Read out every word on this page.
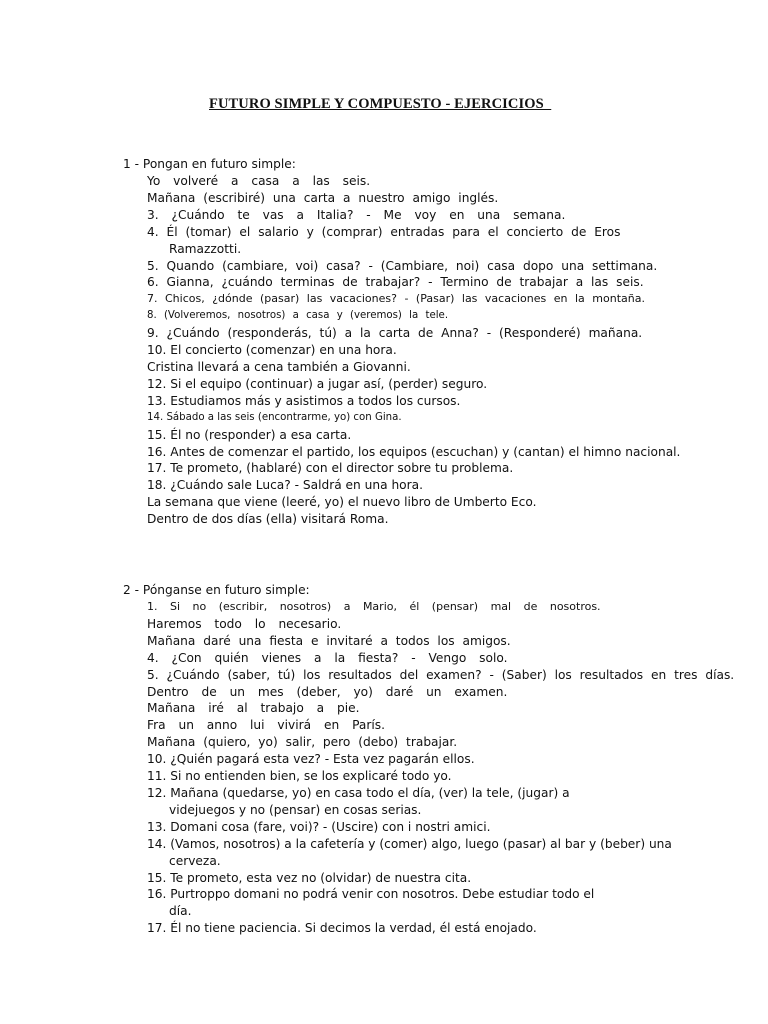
FUTURO SIMPLE Y COMPUESTO - EJERCICIOS
1 - Pongan en futuro simple:
Yo volveré a casa a las seis.
Mañana (escribiré) una carta a nuestro amigo inglés.
3. ¿Cuándo te vas a Italia? - Me voy en una semana.
4. Él (tomar) el salario y (comprar) entradas para el concierto de Eros
Ramazzotti.
5. Quando (cambiare, voi) casa? - (Cambiare, noi) casa dopo una settimana.
6. Gianna, ¿cuándo terminas de trabajar? - Termino de trabajar a las seis.
7. Chicos, ¿dónde (pasar) las vacaciones? - (Pasar) las vacaciones en la montaña.
8. (Volveremos, nosotros) a casa y (veremos) la tele.
9. ¿Cuándo (responderás, tú) a la carta de Anna? - (Responderé) mañana.
10. El concierto (comenzar) en una hora.
Cristina llevará a cena también a Giovanni.
12. Si el equipo (continuar) a jugar así, (perder) seguro.
13. Estudiamos más y asistimos a todos los cursos.
14. Sábado a las seis (encontrarme, yo) con Gina.
15. Él no (responder) a esa carta.
16. Antes de comenzar el partido, los equipos (escuchan) y (cantan) el himno nacional.
17. Te prometo, (hablaré) con el director sobre tu problema.
18. ¿Cuándo sale Luca? - Saldrá en una hora.
La semana que viene (leeré, yo) el nuevo libro de Umberto Eco.
Dentro de dos días (ella) visitará Roma.
2 - Pónganse en futuro simple:
1. Si no (escribir, nosotros) a Mario, él (pensar) mal de nosotros.
Haremos todo lo necesario.
Mañana daré una fiesta e invitaré a todos los amigos.
4. ¿Con quién vienes a la fiesta? - Vengo solo.
5. ¿Cuándo (saber, tú) los resultados del examen? - (Saber) los resultados en tres días.
Dentro de un mes (deber, yo) daré un examen.
Mañana iré al trabajo a pie.
Fra un anno lui vivirá en París.
Mañana (quiero, yo) salir, pero (debo) trabajar.
10. ¿Quién pagará esta vez? - Esta vez pagarán ellos.
11. Si no entienden bien, se los explicaré todo yo.
12. Mañana (quedarse, yo) en casa todo el día, (ver) la tele, (jugar) a
videjuegos y no (pensar) en cosas serias.
13. Domani cosa (fare, voi)? - (Uscire) con i nostri amici.
14. (Vamos, nosotros) a la cafetería y (comer) algo, luego (pasar) al bar y (beber) una
cerveza.
15. Te prometo, esta vez no (olvidar) de nuestra cita.
16. Purtroppo domani no podrá venir con nosotros. Debe estudiar todo el
día.
17. Él no tiene paciencia. Si decimos la verdad, él está enojado.
